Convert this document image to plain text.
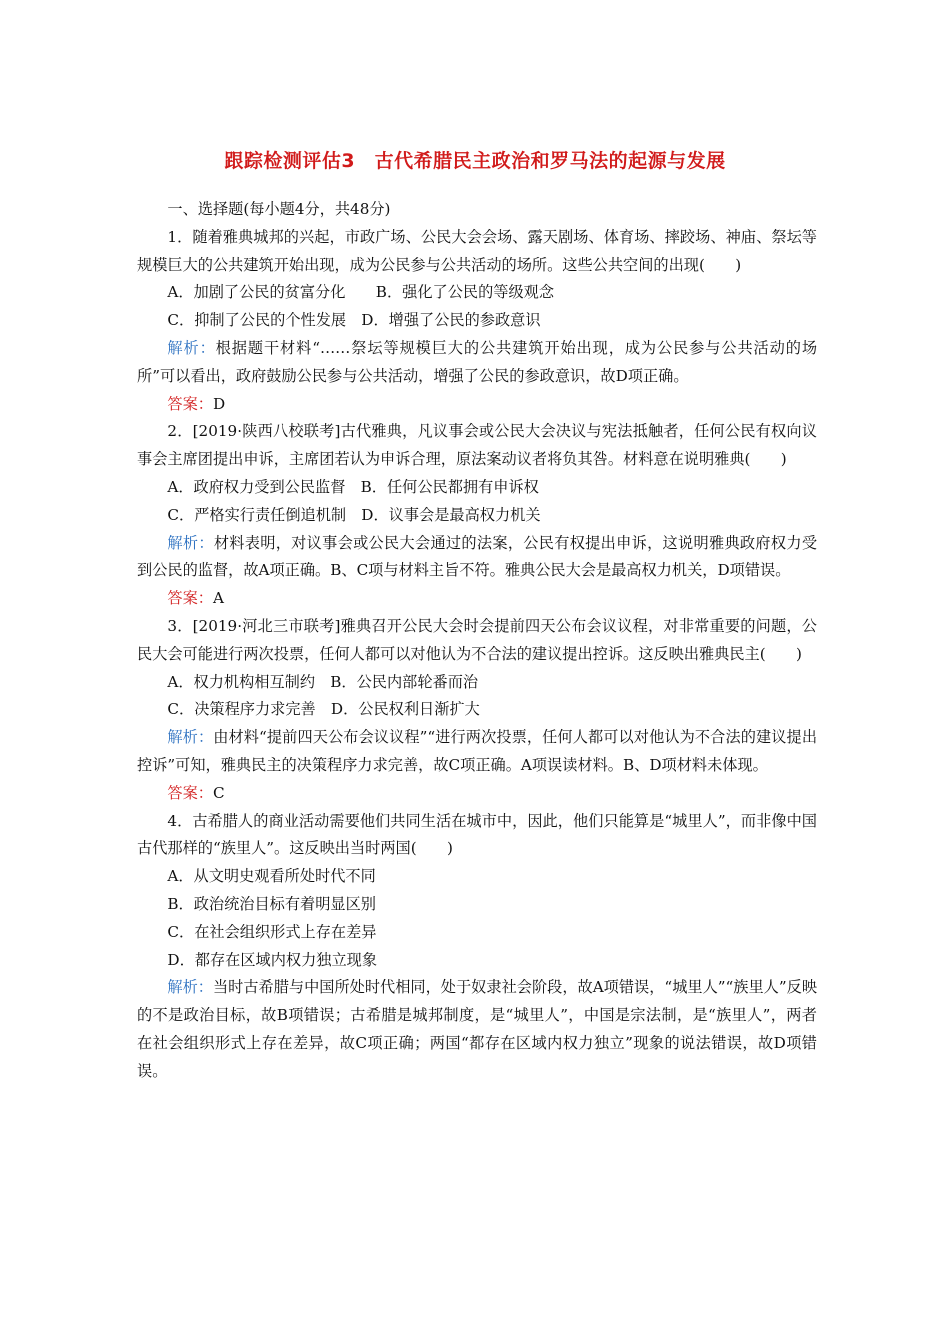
跟踪检测评估3　古代希腊民主政治和罗马法的起源与发展

一、选择题(每小题4分，共48分)

1．随着雅典城邦的兴起，市政广场、公民大会会场、露天剧场、体育场、摔跤场、神庙、祭坛等规模巨大的公共建筑开始出现，成为公民参与公共活动的场所。这些公共空间的出现(　　)

A．加剧了公民的贫富分化　　B．强化了公民的等级观念

C．抑制了公民的个性发展　D．增强了公民的参政意识

解析：根据题干材料“……祭坛等规模巨大的公共建筑开始出现，成为公民参与公共活动的场所”可以看出，政府鼓励公民参与公共活动，增强了公民的参政意识，故D项正确。

答案：D

2．[2019·陕西八校联考]古代雅典，凡议事会或公民大会决议与宪法抵触者，任何公民有权向议事会主席团提出申诉，主席团若认为申诉合理，原法案动议者将负其咎。材料意在说明雅典(　　)

A．政府权力受到公民监督　B．任何公民都拥有申诉权

C．严格实行责任倒追机制　D．议事会是最高权力机关

解析：材料表明，对议事会或公民大会通过的法案，公民有权提出申诉，这说明雅典政府权力受到公民的监督，故A项正确。B、C项与材料主旨不符。雅典公民大会是最高权力机关，D项错误。

答案：A

3．[2019·河北三市联考]雅典召开公民大会时会提前四天公布会议议程，对非常重要的问题，公民大会可能进行两次投票，任何人都可以对他认为不合法的建议提出控诉。这反映出雅典民主(　　)

A．权力机构相互制约　B．公民内部轮番而治

C．决策程序力求完善　D．公民权利日渐扩大

解析：由材料“提前四天公布会议议程”“进行两次投票，任何人都可以对他认为不合法的建议提出控诉”可知，雅典民主的决策程序力求完善，故C项正确。A项误读材料。B、D项材料未体现。

答案：C

4．古希腊人的商业活动需要他们共同生活在城市中，因此，他们只能算是“城里人”，而非像中国古代那样的“族里人”。这反映出当时两国(　　)

A．从文明史观看所处时代不同

B．政治统治目标有着明显区别

C．在社会组织形式上存在差异

D．都存在区域内权力独立现象

解析：当时古希腊与中国所处时代相同，处于奴隶社会阶段，故A项错误，“城里人”“族里人”反映的不是政治目标，故B项错误；古希腊是城邦制度，是“城里人”，中国是宗法制，是“族里人”，两者在社会组织形式上存在差异，故C项正确；两国“都存在区域内权力独立”现象的说法错误，故D项错误。
